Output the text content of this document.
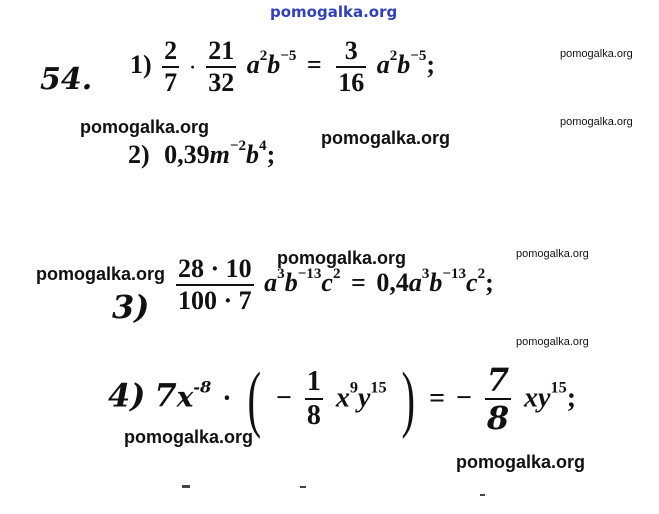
pomogalka.org
54. $1) \frac{2}{7} \cdot \frac{21}{32} a^2b^{-5} = \frac{3}{16} a^2b^{-5}$;
2) $0,39m^{-2}b^4$;
$3) \frac{28 \cdot 10}{100 \cdot 7} a^3b^{-13}c^2 = 0,4a^3b^{-13}c^2$;
4) $7x^{-8}$ · ( − $\frac{1}{8} x^9y^{15}$ ) = − $\frac{7}{8} xy^{15}$;
pomogalka.org
pomogalka.org
pomogalka.org
pomogalka.org
pomogalka.org
pomogalka.org
pomogalka.org
pomogalka.org
pomogalka.org
pomogalka.org
